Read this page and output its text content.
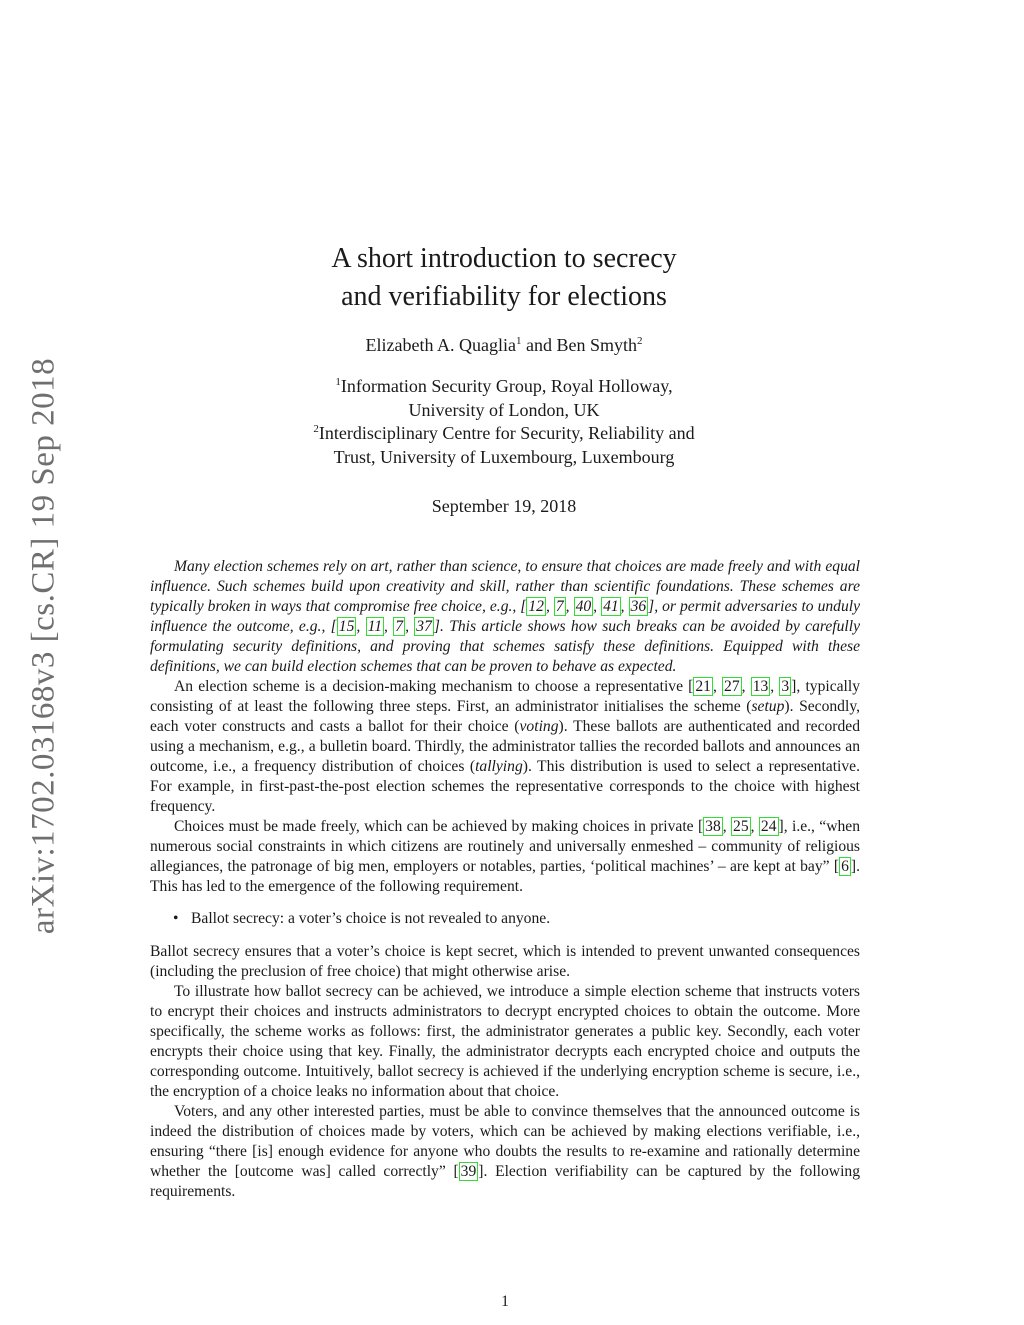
arXiv:1702.03168v3 [cs.CR] 19 Sep 2018
A short introduction to secrecy
and verifiability for elections
Elizabeth A. Quaglia$^1$ and Ben Smyth$^2$
$^1$Information Security Group, Royal Holloway,
University of London, UK
$^2$Interdisciplinary Centre for Security, Reliability and
Trust, University of Luxembourg, Luxembourg
September 19, 2018

Many election schemes rely on art, rather than science, to ensure that choices are made freely and with equal influence. Such schemes build upon creativity and skill, rather than scientific foundations. These schemes are typically broken in ways that compromise free choice, e.g., [ 12 , 7 , 40 , 41 , 36 ], or permit adversaries to unduly influence the outcome, e.g., [ 15 , 11 , 7 , 37 ]. This article shows how such breaks can be avoided by carefully formulating security definitions, and proving that schemes satisfy these definitions. Equipped with these definitions, we can build election schemes that can be proven to behave as expected.

An election scheme is a decision-making mechanism to choose a representative [ 21 , 27 , 13 , 3 ], typically consisting of at least the following three steps. First, an administrator initialises the scheme (setup). Secondly, each voter constructs and casts a ballot for their choice (voting). These ballots are authenticated and recorded using a mechanism, e.g., a bulletin board. Thirdly, the administrator tallies the recorded ballots and announces an outcome, i.e., a frequency distribution of choices (tallying). This distribution is used to select a representative. For example, in first-past-the-post election schemes the representative corresponds to the choice with highest frequency.

Choices must be made freely, which can be achieved by making choices in private [ 38 , 25 , 24 ], i.e., “when numerous social constraints in which citizens are routinely and universally enmeshed – community of religious allegiances, the patronage of big men, employers or notables, parties, ‘political machines’ – are kept at bay” [ 6 ]. This has led to the emergence of the following requirement.

• Ballot secrecy: a voter’s choice is not revealed to anyone.

Ballot secrecy ensures that a voter’s choice is kept secret, which is intended to prevent unwanted consequences (including the preclusion of free choice) that might otherwise arise.

To illustrate how ballot secrecy can be achieved, we introduce a simple election scheme that instructs voters to encrypt their choices and instructs administrators to decrypt encrypted choices to obtain the outcome. More specifically, the scheme works as follows: first, the administrator generates a public key. Secondly, each voter encrypts their choice using that key. Finally, the administrator decrypts each encrypted choice and outputs the corresponding outcome. Intuitively, ballot secrecy is achieved if the underlying encryption scheme is secure, i.e., the encryption of a choice leaks no information about that choice.

Voters, and any other interested parties, must be able to convince themselves that the announced outcome is indeed the distribution of choices made by voters, which can be achieved by making elections verifiable, i.e., ensuring “there [is] enough evidence for anyone who doubts the results to re-examine and rationally determine whether the [outcome was] called correctly” [ 39 ]. Election verifiability can be captured by the following requirements.

1
